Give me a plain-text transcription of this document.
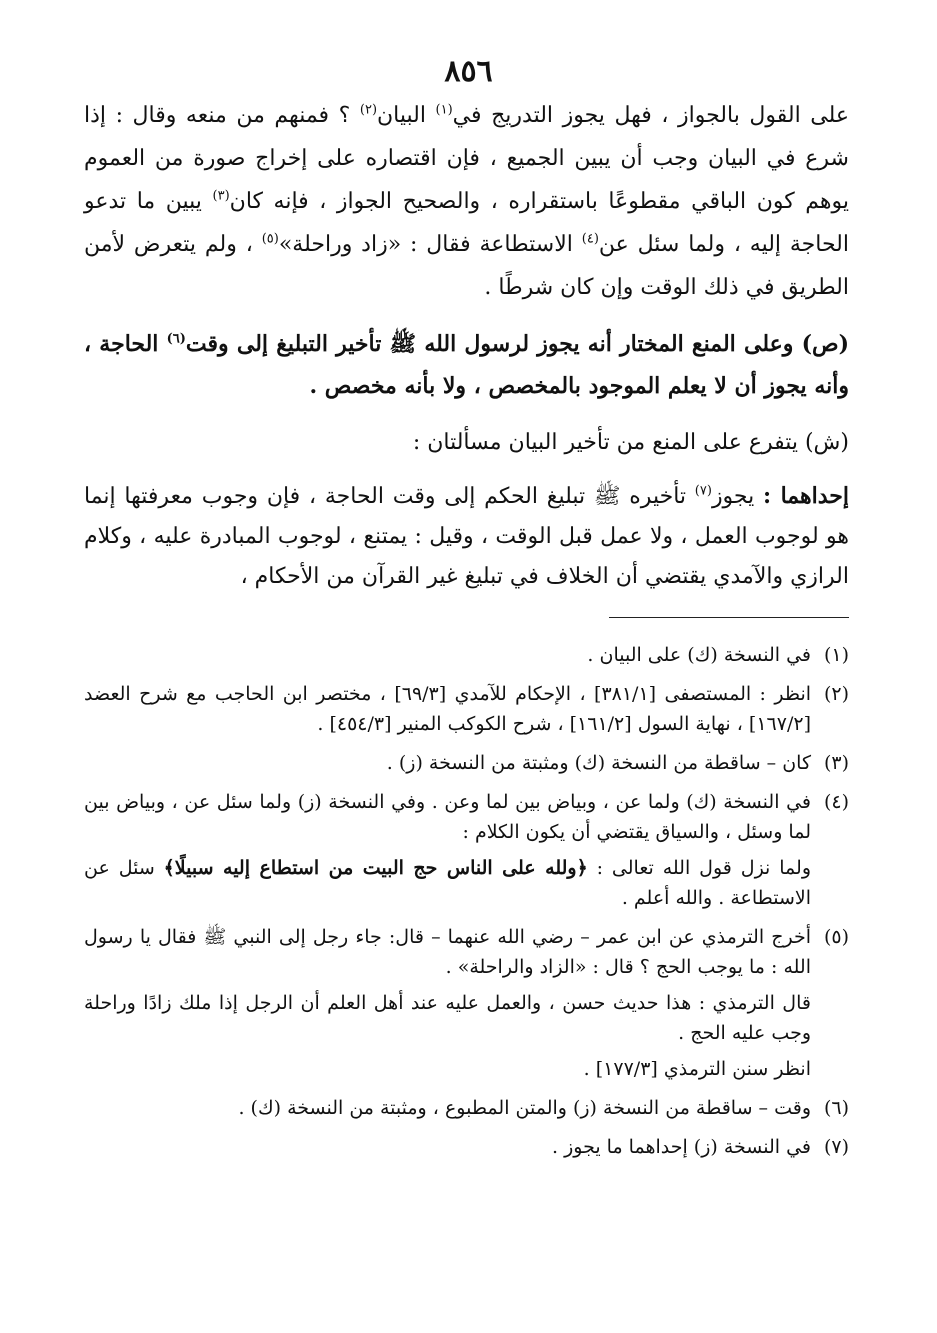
٨٥٦

على القول بالجواز ، فهل يجوز التدريج في$^{(١)}$ البيان$^{(٢)}$ ؟ فمنهم من منعه وقال : إذا شرع في البيان وجب أن يبين الجميع ، فإن اقتصاره على إخراج صورة من العموم يوهم كون الباقي مقطوعًا باستقراره ، والصحيح الجواز ، فإنه كان$^{(٣)}$ يبين ما تدعو الحاجة إليه ، ولما سئل عن$^{(٤)}$ الاستطاعة فقال : «زاد وراحلة»$^{(٥)}$ ، ولم يتعرض لأمن الطريق في ذلك الوقت وإن كان شرطًا .

(ص) وعلى المنع المختار أنه يجوز لرسول الله ﷺ تأخير التبليغ إلى وقت$^{(٦)}$ الحاجة ، وأنه يجوز أن لا يعلم الموجود بالمخصص ، ولا بأنه مخصص .

(ش) يتفرع على المنع من تأخير البيان مسألتان :

إحداهما : يجوز$^{(٧)}$ تأخيره ﷺ تبليغ الحكم إلى وقت الحاجة ، فإن وجوب معرفتها إنما هو لوجوب العمل ، ولا عمل قبل الوقت ، وقيل : يمتنع ، لوجوب المبادرة عليه ، وكلام الرازي والآمدي يقتضي أن الخلاف في تبليغ غير القرآن من الأحكام ،

(١)
في النسخة (ك) على البيان .

(٢)
انظر : المستصفى [٣٨١/١] ، الإحكام للآمدي [٦٩/٣] ، مختصر ابن الحاجب مع شرح العضد [١٦٧/٢] ، نهاية السول [١٦١/٢] ، شرح الكوكب المنير [٤٥٤/٣] .

(٣)
كان – ساقطة من النسخة (ك) ومثبتة من النسخة (ز) .

(٤)
في النسخة (ك) ولما عن ، وبياض بين لما وعن . وفي النسخة (ز) ولما سئل عن ، وبياض بين لما وسئل ، والسياق يقتضي أن يكون الكلام :

ولما نزل قول الله تعالى : ﴿ولله على الناس حج البيت من استطاع إليه سبيلًا﴾ سئل عن الاستطاعة . والله أعلم .

(٥)
أخرج الترمذي عن ابن عمر – رضي الله عنهما – قال: جاء رجل إلى النبي ﷺ فقال يا رسول الله : ما يوجب الحج ؟ قال : «الزاد والراحلة» .

قال الترمذي : هذا حديث حسن ، والعمل عليه عند أهل العلم أن الرجل إذا ملك زادًا وراحلة وجب عليه الحج .

انظر سنن الترمذي [١٧٧/٣] .

(٦)
وقت – ساقطة من النسخة (ز) والمتن المطبوع ، ومثبتة من النسخة (ك) .

(٧)
في النسخة (ز) إحداهما ما يجوز .
